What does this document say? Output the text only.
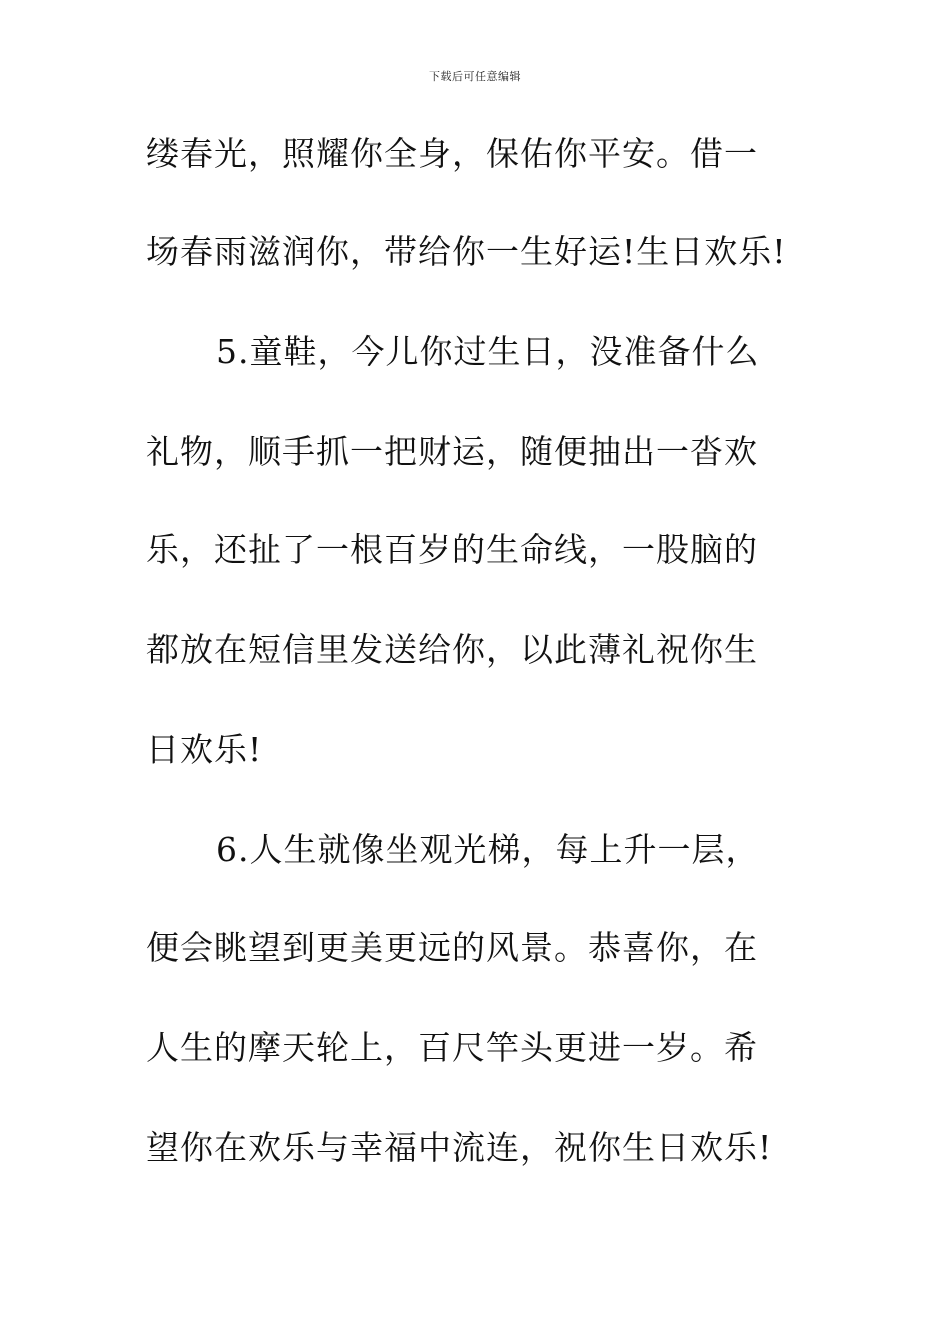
下载后可任意编辑
缕春光，照耀你全身，保佑你平安。借一
场春雨滋润你，带给你一生好运!生日欢乐!
5.童鞋，今儿你过生日，没准备什么
礼物，顺手抓一把财运，随便抽出一沓欢
乐，还扯了一根百岁的生命线，一股脑的
都放在短信里发送给你，以此薄礼祝你生
日欢乐!
6.人生就像坐观光梯，每上升一层，
便会眺望到更美更远的风景。恭喜你，在
人生的摩天轮上，百尺竿头更进一岁。希
望你在欢乐与幸福中流连，祝你生日欢乐!
